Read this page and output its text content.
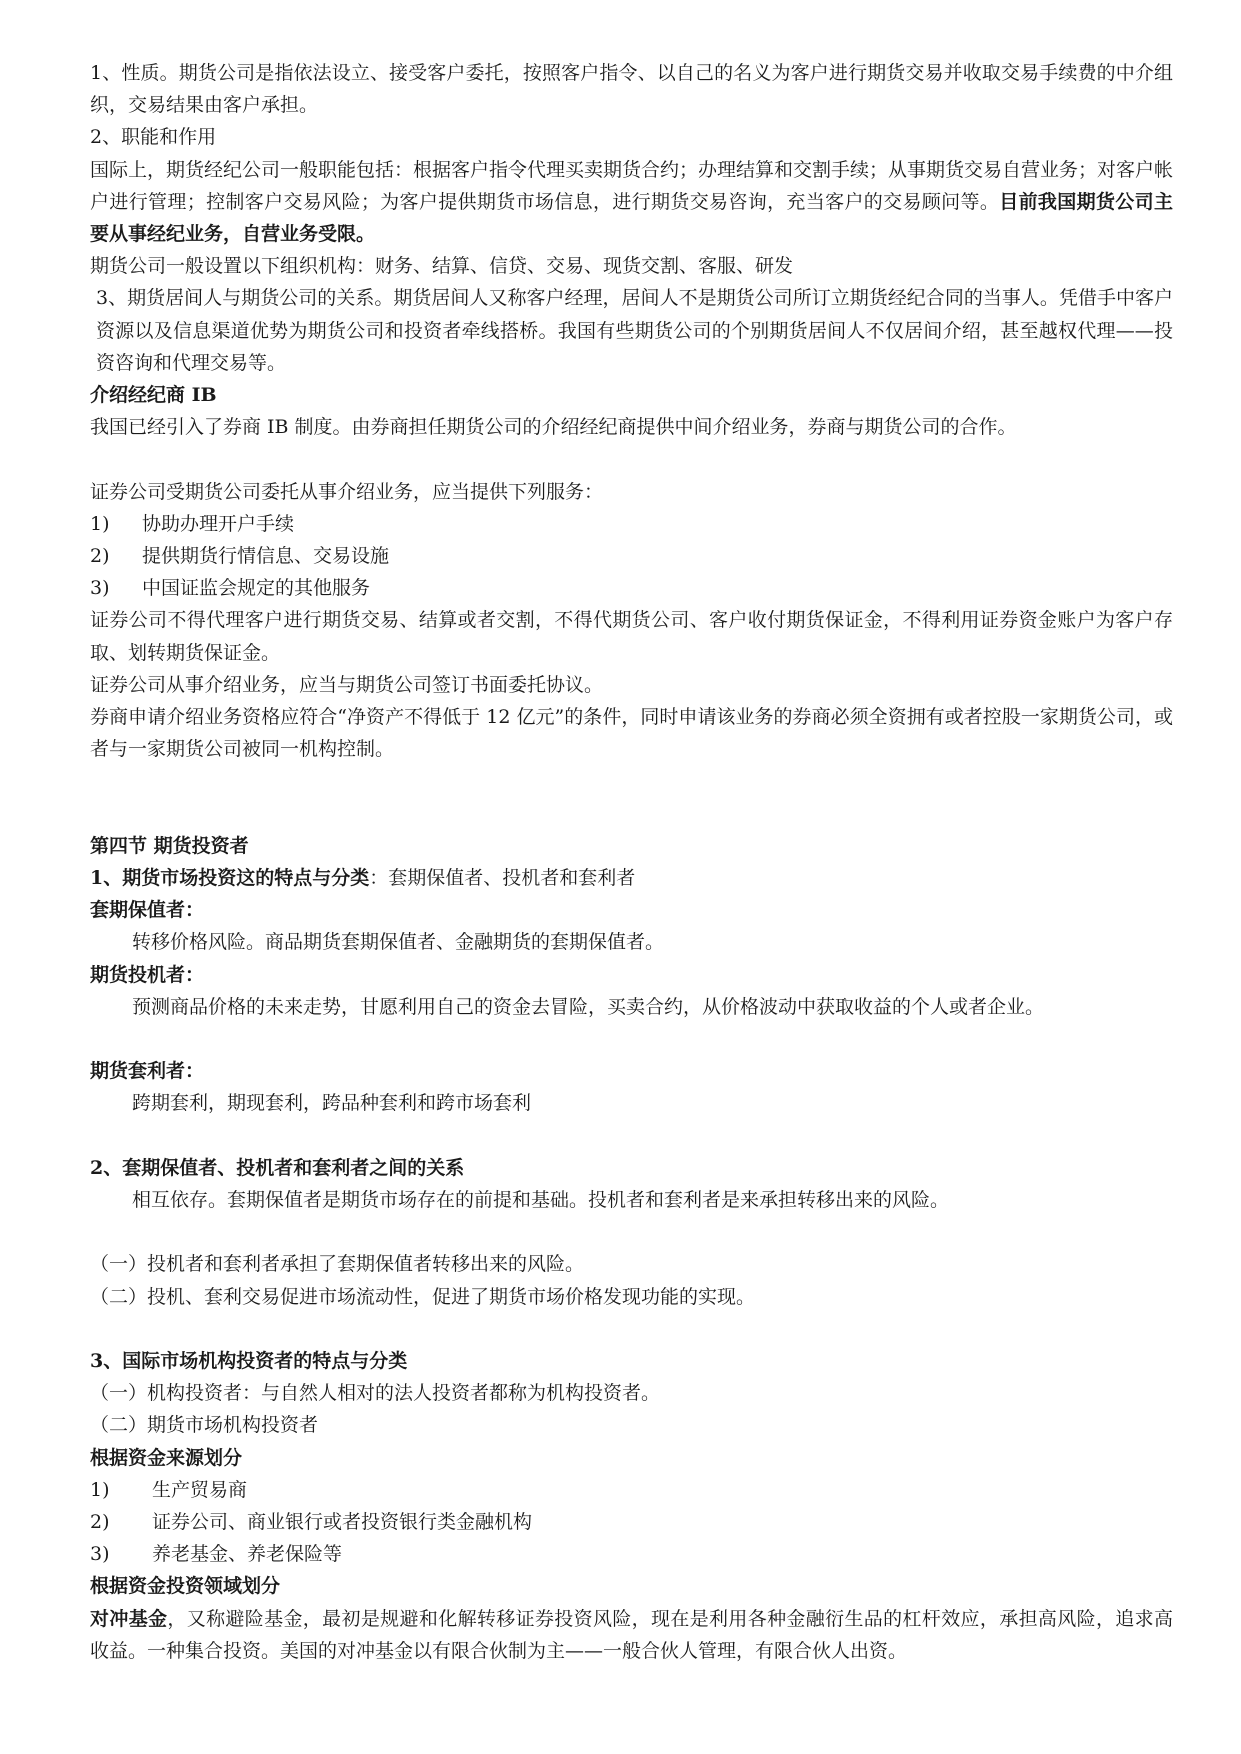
1、性质。期货公司是指依法设立、接受客户委托，按照客户指令、以自己的名义为客户进行期货交易并收取交易手续费的中介组织，交易结果由客户承担。

2、职能和作用

国际上，期货经纪公司一般职能包括：根据客户指令代理买卖期货合约；办理结算和交割手续；从事期货交易自营业务；对客户帐户进行管理；控制客户交易风险；为客户提供期货市场信息，进行期货交易咨询，充当客户的交易顾问等。目前我国期货公司主要从事经纪业务，自营业务受限。

期货公司一般设置以下组织机构：财务、结算、信贷、交易、现货交割、客服、研发

3、期货居间人与期货公司的关系。期货居间人又称客户经理，居间人不是期货公司所订立期货经纪合同的当事人。凭借手中客户资源以及信息渠道优势为期货公司和投资者牵线搭桥。我国有些期货公司的个别期货居间人不仅居间介绍，甚至越权代理——投资咨询和代理交易等。

介绍经纪商 IB

我国已经引入了券商 IB 制度。由券商担任期货公司的介绍经纪商提供中间介绍业务，券商与期货公司的合作。

证券公司受期货公司委托从事介绍业务，应当提供下列服务：

1)	协助办理开户手续
2)	提供期货行情信息、交易设施
3)	中国证监会规定的其他服务

证券公司不得代理客户进行期货交易、结算或者交割，不得代期货公司、客户收付期货保证金，不得利用证券资金账户为客户存取、划转期货保证金。

证券公司从事介绍业务，应当与期货公司签订书面委托协议。

券商申请介绍业务资格应符合“净资产不得低于 12 亿元”的条件，同时申请该业务的券商必须全资拥有或者控股一家期货公司，或者与一家期货公司被同一机构控制。

第四节 期货投资者

1、期货市场投资这的特点与分类：套期保值者、投机者和套利者

套期保值者：

转移价格风险。商品期货套期保值者、金融期货的套期保值者。

期货投机者：

预测商品价格的未来走势，甘愿利用自己的资金去冒险，买卖合约，从价格波动中获取收益的个人或者企业。

期货套利者：

跨期套利，期现套利，跨品种套利和跨市场套利

2、套期保值者、投机者和套利者之间的关系

相互依存。套期保值者是期货市场存在的前提和基础。投机者和套利者是来承担转移出来的风险。

（一）投机者和套利者承担了套期保值者转移出来的风险。

（二）投机、套利交易促进市场流动性，促进了期货市场价格发现功能的实现。

3、国际市场机构投资者的特点与分类

（一）机构投资者：与自然人相对的法人投资者都称为机构投资者。

（二）期货市场机构投资者

根据资金来源划分

1)	生产贸易商
2)	证券公司、商业银行或者投资银行类金融机构
3)	养老基金、养老保险等

根据资金投资领域划分

对冲基金，又称避险基金，最初是规避和化解转移证券投资风险，现在是利用各种金融衍生品的杠杆效应，承担高风险，追求高收益。一种集合投资。美国的对冲基金以有限合伙制为主——一般合伙人管理，有限合伙人出资。
